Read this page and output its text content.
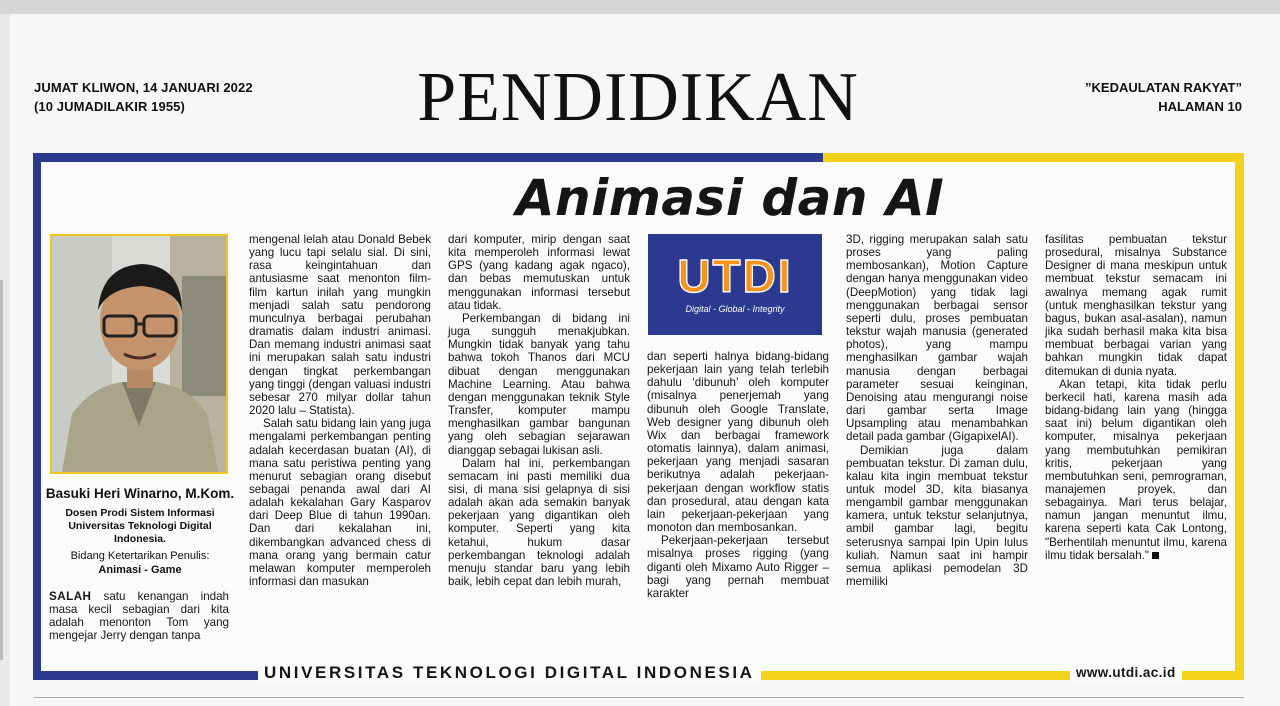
JUMAT KLIWON, 14 JANUARI 2022
(10 JUMADILAKIR 1955)	PENDIDIKAN	”KEDAULATAN RAKYAT”
HALAMAN 10
Animasi dan AI
Basuki Heri Winarno, M.Kom.
Dosen Prodi Sistem Informasi
Universitas Teknologi Digital Indonesia.
Bidang Ketertarikan Penulis:
Animasi - Game

SALAH satu kenangan indah masa kecil sebagian dari kita adalah menonton Tom yang mengejar Jerry dengan tanpa

mengenal lelah atau Donald Bebek yang lucu tapi selalu sial. Di sini, rasa keingintahuan dan antusiasme saat menonton film-film kartun inilah yang mungkin menjadi salah satu pendorong munculnya berbagai perubahan dramatis dalam industri animasi. Dan memang industri animasi saat ini merupakan salah satu industri dengan tingkat perkembangan yang tinggi (dengan valuasi industri sebesar 270 milyar dollar tahun 2020 lalu – Statista).

Salah satu bidang lain yang juga mengalami perkembangan penting adalah kecerdasan buatan (AI), di mana satu peristiwa penting yang menurut sebagian orang disebut sebagai penanda awal dari AI adalah kekalahan Gary Kasparov dari Deep Blue di tahun 1990an. Dan dari kekalahan ini, dikembangkan advanced chess di mana orang yang bermain catur melawan komputer memperoleh informasi dan masukan

dari komputer, mirip dengan saat kita memperoleh informasi lewat GPS (yang kadang agak ngaco), dan bebas memutuskan untuk menggunakan informasi tersebut atau tidak.

Perkembangan di bidang ini juga sungguh menakjubkan. Mungkin tidak banyak yang tahu bahwa tokoh Thanos dari MCU dibuat dengan menggunakan Machine Learning. Atau bahwa dengan menggunakan teknik Style Transfer, komputer mampu menghasilkan gambar bangunan yang oleh sebagian sejarawan dianggap sebagai lukisan asli.

Dalam hal ini, perkembangan semacam ini pasti memiliki dua sisi, di mana sisi gelapnya di sisi adalah akan ada semakin banyak pekerjaan yang digantikan oleh komputer. Seperti yang kita ketahui, hukum dasar perkembangan teknologi adalah menuju standar baru yang lebih baik, lebih cepat dan lebih murah,

UTDI
Digital - Global - Integrity

dan seperti halnya bidang-bidang pekerjaan lain yang telah terlebih dahulu ‘dibunuh’ oleh komputer (misalnya penerjemah yang dibunuh oleh Google Translate, Web designer yang dibunuh oleh Wix dan berbagai framework otomatis lainnya), dalam animasi, pekerjaan yang menjadi sasaran berikutnya adalah pekerjaan-pekerjaan dengan workflow statis dan prosedural, atau dengan kata lain pekerjaan-pekerjaan yang monoton dan membosankan.

Pekerjaan-pekerjaan tersebut misalnya proses rigging (yang diganti oleh Mixamo Auto Rigger – bagi yang pernah membuat karakter

3D, rigging merupakan salah satu proses yang paling membosankan), Motion Capture dengan hanya menggunakan video (DeepMotion) yang tidak lagi menggunakan berbagai sensor seperti dulu, proses pembuatan tekstur wajah manusia (generated photos), yang mampu menghasilkan gambar wajah manusia dengan berbagai parameter sesuai keinginan, Denoising atau mengurangi noise dari gambar serta Image Upsampling atau menambahkan detail pada gambar (GigapixelAI).

Demikian juga dalam pembuatan tekstur. Di zaman dulu, kalau kita ingin membuat tekstur untuk model 3D, kita biasanya mengambil gambar menggunakan kamera, untuk tekstur selanjutnya, ambil gambar lagi, begitu seterusnya sampai Ipin Upin lulus kuliah. Namun saat ini hampir semua aplikasi pemodelan 3D memiliki

fasilitas pembuatan tekstur prosedural, misalnya Substance Designer di mana meskipun untuk membuat tekstur semacam ini awalnya memang agak rumit (untuk menghasilkan tekstur yang bagus, bukan asal-asalan), namun jika sudah berhasil maka kita bisa membuat berbagai varian yang bahkan mungkin tidak dapat ditemukan di dunia nyata.

Akan tetapi, kita tidak perlu berkecil hati, karena masih ada bidang-bidang lain yang (hingga saat ini) belum digantikan oleh komputer, misalnya pekerjaan yang membutuhkan pemikiran kritis, pekerjaan yang membutuhkan seni, pemrograman, manajemen proyek, dan sebagainya. Mari terus belajar, namun jangan menuntut ilmu, karena seperti kata Cak Lontong, "Berhentilah menuntut ilmu, karena ilmu tidak bersalah."

UNIVERSITAS TEKNOLOGI DIGITAL INDONESIA	www.utdi.ac.id
